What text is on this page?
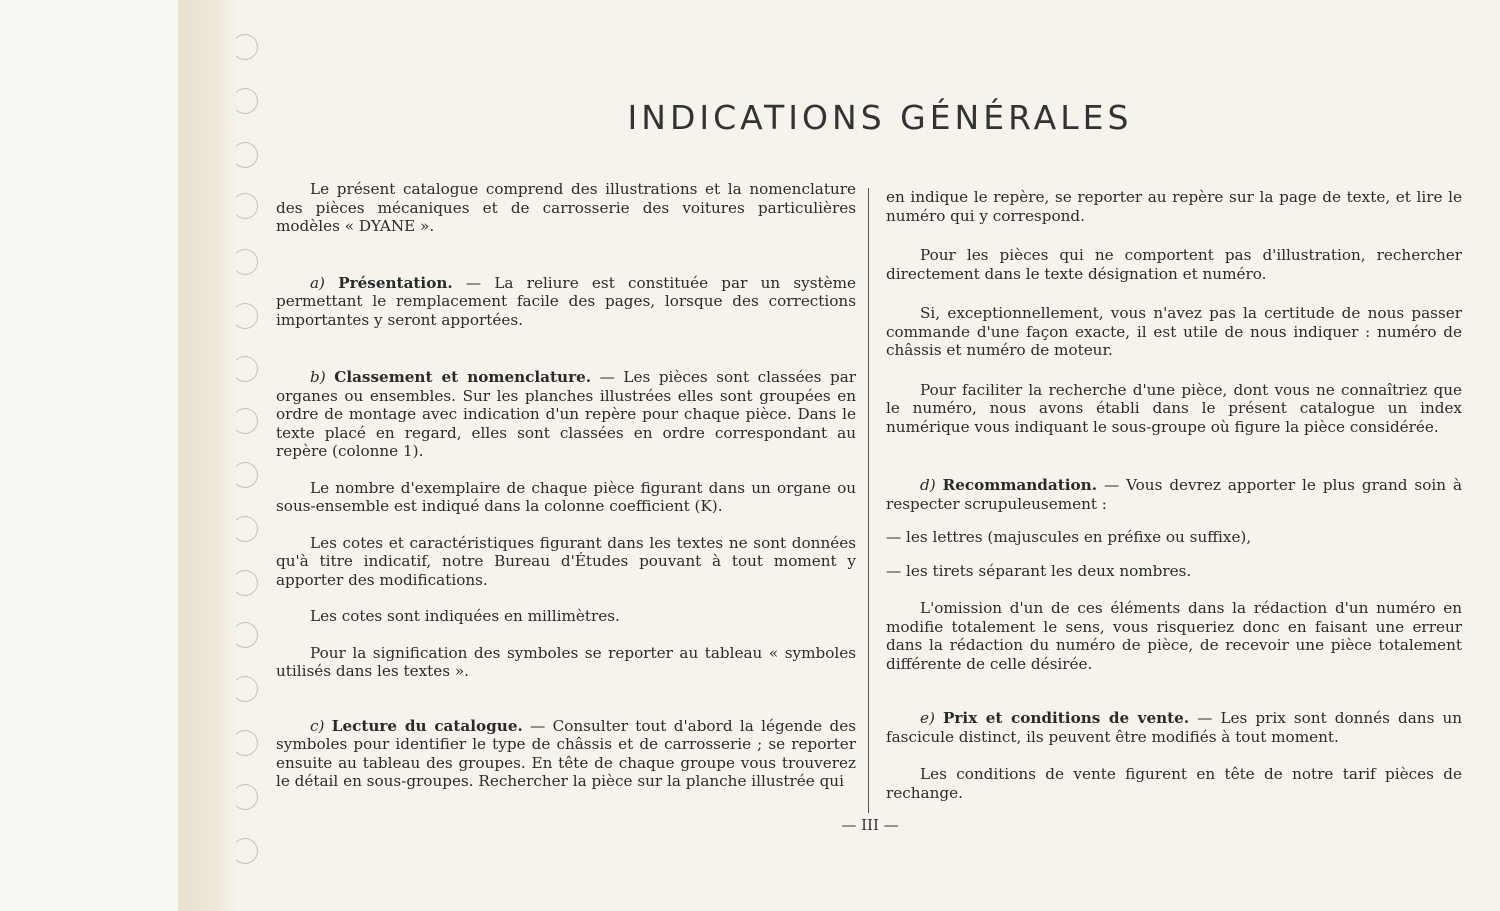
INDICATIONS GÉNÉRALES

Le présent catalogue comprend des illustrations et la nomenclature des pièces mécaniques et de carrosserie des voitures particulières modèles « DYANE ».

a) Présentation. — La reliure est constituée par un système permettant le remplacement facile des pages, lorsque des corrections importantes y seront apportées.

b) Classement et nomenclature. — Les pièces sont classées par organes ou ensembles. Sur les planches illustrées elles sont groupées en ordre de montage avec indication d'un repère pour chaque pièce. Dans le texte placé en regard, elles sont classées en ordre correspondant au repère (colonne 1).

Le nombre d'exemplaire de chaque pièce figurant dans un organe ou sous-ensemble est indiqué dans la colonne coefficient (K).

Les cotes et caractéristiques figurant dans les textes ne sont données qu'à titre indicatif, notre Bureau d'Études pouvant à tout moment y apporter des modifications.

Les cotes sont indiquées en millimètres.

Pour la signification des symboles se reporter au tableau « symboles utilisés dans les textes ».

c) Lecture du catalogue. — Consulter tout d'abord la légende des symboles pour identifier le type de châssis et de carrosserie ; se reporter ensuite au tableau des groupes. En tête de chaque groupe vous trouverez le détail en sous-groupes. Rechercher la pièce sur la planche illustrée qui

en indique le repère, se reporter au repère sur la page de texte, et lire le numéro qui y correspond.

Pour les pièces qui ne comportent pas d'illustration, rechercher directement dans le texte désignation et numéro.

Si, exceptionnellement, vous n'avez pas la certitude de nous passer commande d'une façon exacte, il est utile de nous indiquer : numéro de châssis et numéro de moteur.

Pour faciliter la recherche d'une pièce, dont vous ne connaîtriez que le numéro, nous avons établi dans le présent catalogue un index numérique vous indiquant le sous-groupe où figure la pièce considérée.

d) Recommandation. — Vous devrez apporter le plus grand soin à respecter scrupuleusement :

— les lettres (majuscules en préfixe ou suffixe),

— les tirets séparant les deux nombres.

L'omission d'un de ces éléments dans la rédaction d'un numéro en modifie totalement le sens, vous risqueriez donc en faisant une erreur dans la rédaction du numéro de pièce, de recevoir une pièce totalement différente de celle désirée.

e) Prix et conditions de vente. — Les prix sont donnés dans un fascicule distinct, ils peuvent être modifiés à tout moment.

Les conditions de vente figurent en tête de notre tarif pièces de rechange.

— III —
